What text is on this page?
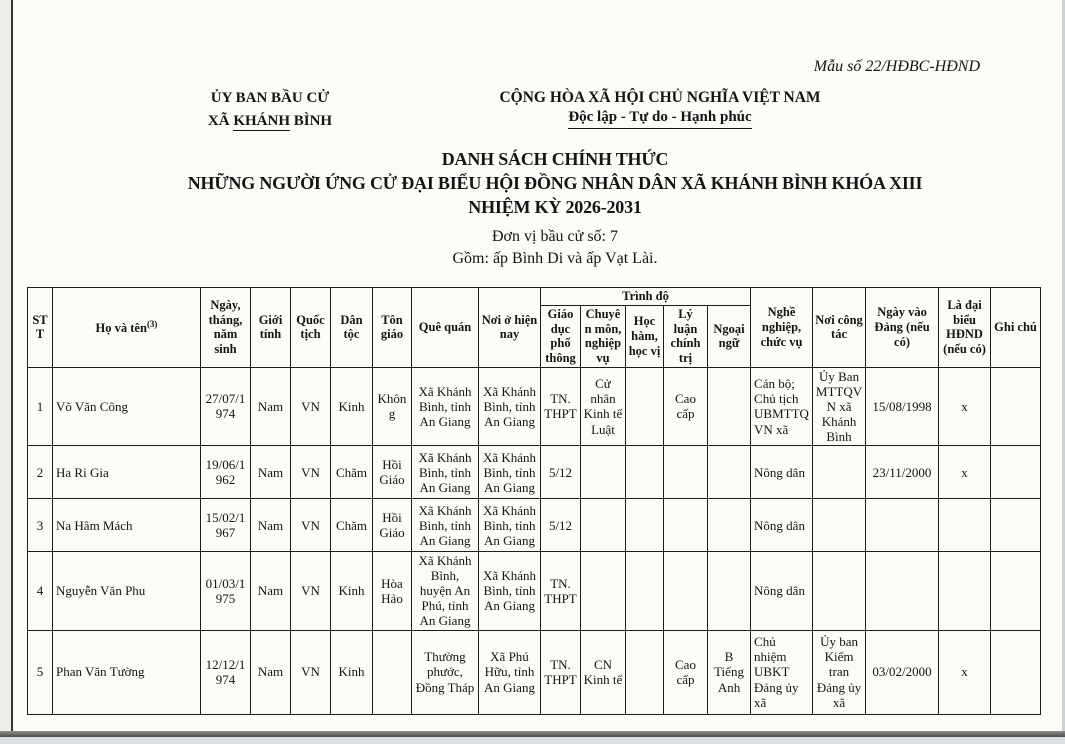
Mẫu số 22/HĐBC-HĐND
ỦY BAN BẦU CỬ
XÃ KHÁNH BÌNH
CỘNG HÒA XÃ HỘI CHỦ NGHĨA VIỆT NAM
Độc lập - Tự do - Hạnh phúc
DANH SÁCH CHÍNH THỨC
NHỮNG NGƯỜI ỨNG CỬ ĐẠI BIỂU HỘI ĐỒNG NHÂN DÂN XÃ KHÁNH BÌNH KHÓA XIII
NHIỆM KỲ 2026-2031
Đơn vị bầu cử số: 7
Gồm: ấp Bình Di và ấp Vạt Lài.
STT	Họ và tên$^{(3)}$	Ngày, tháng, năm sinh	Giới tính	Quốc tịch	Dân tộc	Tôn giáo	Quê quán	Nơi ở hiện nay	Trình độ					Nghề nghiệp, chức vụ	Nơi công tác	Ngày vào Đảng (nếu có)	Là đại biểu HĐND (nếu có)	Ghi chú
									Giáo dục phổ thông	Chuyên môn, nghiệp vụ	Học hàm, học vị	Lý luận chính trị	Ngoại ngữ					
1	Võ Văn Công	27/07/1974	Nam	VN	Kinh	Không	Xã Khánh Bình, tỉnh An Giang	Xã Khánh Bình, tỉnh An Giang	TN. THPT	Cử nhân Kinh tế Luật		Cao cấp		Cán bộ; Chủ tịch UBMTTQ VN xã	Ủy Ban MTTQVN xã Khánh Bình	15/08/1998	x	
2	Ha Ri Gia	19/06/1962	Nam	VN	Chăm	Hồi Giáo	Xã Khánh Bình, tỉnh An Giang	Xã Khánh Bình, tỉnh An Giang	5/12					Nông dân		23/11/2000	x	
3	Na Hâm Mách	15/02/1967	Nam	VN	Chăm	Hồi Giáo	Xã Khánh Bình, tỉnh An Giang	Xã Khánh Bình, tỉnh An Giang	5/12					Nông dân				
4	Nguyễn Văn Phu	01/03/1975	Nam	VN	Kinh	Hòa Hảo	Xã Khánh Bình, huyện An Phú, tỉnh An Giang	Xã Khánh Bình, tỉnh An Giang	TN. THPT					Nông dân				
5	Phan Văn Tường	12/12/1974	Nam	VN	Kinh		Thường phước, Đồng Tháp	Xã Phú Hữu, tỉnh An Giang	TN. THPT	CN Kinh tế		Cao cấp	B Tiếng Anh	Chủ nhiệm UBKT Đảng ủy xã	Ủy ban Kiểm tran Đảng ủy xã	03/02/2000	x	
